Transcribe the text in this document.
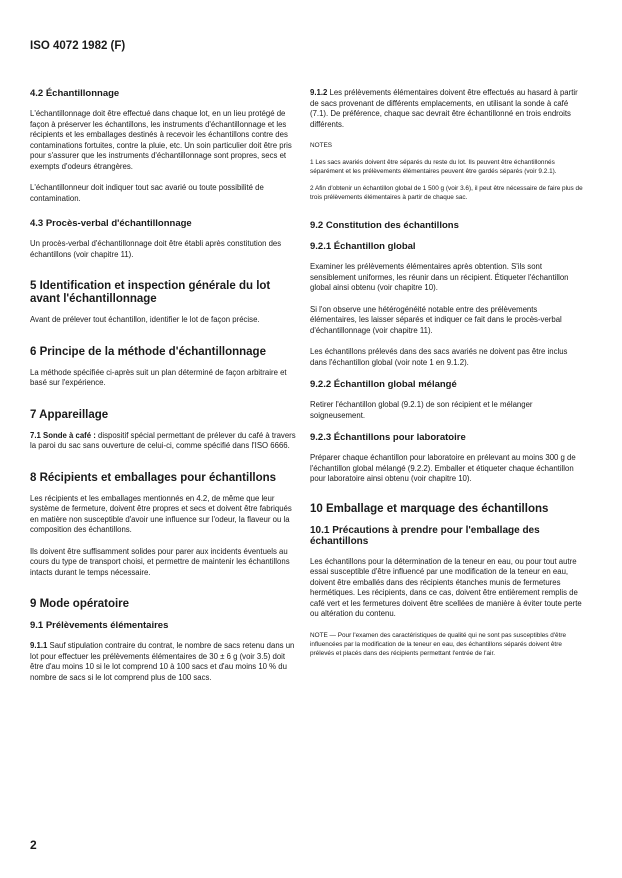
ISO 4072 1982 (F)
4.2 Échantillonnage

L'échantillonnage doit être effectué dans chaque lot, en un lieu protégé de façon à préserver les échantillons, les instruments d'échantillonnage et les récipients et les emballages destinés à recevoir les échantillons contre des contaminations fortuites, contre la pluie, etc. Un soin particulier doit être pris pour s'assurer que les instruments d'échantillonnage sont propres, secs et exempts d'odeurs étrangères.

L'échantillonneur doit indiquer tout sac avarié ou toute possibilité de contamination.

4.3 Procès-verbal d'échantillonnage

Un procès-verbal d'échantillonnage doit être établi après constitution des échantillons (voir chapitre 11).

5 Identification et inspection générale du lot avant l'échantillonnage

Avant de prélever tout échantillon, identifier le lot de façon précise.

6 Principe de la méthode d'échantillonnage

La méthode spécifiée ci-après suit un plan déterminé de façon arbitraire et basé sur l'expérience.

7 Appareillage

7.1 Sonde à café : dispositif spécial permettant de prélever du café à travers la paroi du sac sans ouverture de celui-ci, comme spécifié dans l'ISO 6666.

8 Récipients et emballages pour échantillons

Les récipients et les emballages mentionnés en 4.2, de même que leur système de fermeture, doivent être propres et secs et doivent être fabriqués en matière non susceptible d'avoir une influence sur l'odeur, la flaveur ou la composition des échantillons.

Ils doivent être suffisamment solides pour parer aux incidents éventuels au cours du type de transport choisi, et permettre de maintenir les échantillons intacts durant le temps nécessaire.

9 Mode opératoire
9.1 Prélèvements élémentaires

9.1.1 Sauf stipulation contraire du contrat, le nombre de sacs retenu dans un lot pour effectuer les prélèvements élémentaires de 30 ± 6 g (voir 3.5) doit être d'au moins 10 si le lot comprend 10 à 100 sacs et d'au moins 10 % du nombre de sacs si le lot comprend plus de 100 sacs.

9.1.2 Les prélèvements élémentaires doivent être effectués au hasard à partir de sacs provenant de différents emplacements, en utilisant la sonde à café (7.1). De préférence, chaque sac devrait être échantillonné en trois endroits différents.

NOTES

1 Les sacs avariés doivent être séparés du reste du lot. Ils peuvent être échantillonnés séparément et les prélèvements élémentaires peuvent être gardés séparés (voir 9.2.1).

2 Afin d'obtenir un échantillon global de 1 500 g (voir 3.6), il peut être nécessaire de faire plus de trois prélèvements élémentaires à partir de chaque sac.

9.2 Constitution des échantillons
9.2.1 Échantillon global

Examiner les prélèvements élémentaires après obtention. S'ils sont sensiblement uniformes, les réunir dans un récipient. Étiqueter l'échantillon global ainsi obtenu (voir chapitre 10).

Si l'on observe une hétérogénéité notable entre des prélèvements élémentaires, les laisser séparés et indiquer ce fait dans le procès-verbal d'échantillonnage (voir chapitre 11).

Les échantillons prélevés dans des sacs avariés ne doivent pas être inclus dans l'échantillon global (voir note 1 en 9.1.2).

9.2.2 Échantillon global mélangé

Retirer l'échantillon global (9.2.1) de son récipient et le mélanger soigneusement.

9.2.3 Échantillons pour laboratoire

Préparer chaque échantillon pour laboratoire en prélevant au moins 300 g de l'échantillon global mélangé (9.2.2). Emballer et étiqueter chaque échantillon pour laboratoire ainsi obtenu (voir chapitre 10).

10 Emballage et marquage des échantillons
10.1 Précautions à prendre pour l'emballage des échantillons

Les échantillons pour la détermination de la teneur en eau, ou pour tout autre essai susceptible d'être influencé par une modification de la teneur en eau, doivent être emballés dans des récipients étanches munis de fermetures hermétiques. Les récipients, dans ce cas, doivent être entièrement remplis de café vert et les fermetures doivent être scellées de manière à éviter toute perte ou altération du contenu.

NOTE — Pour l'examen des caractéristiques de qualité qui ne sont pas susceptibles d'être influencées par la modification de la teneur en eau, des échantillons séparés doivent être prélevés et placés dans des récipients permettant l'entrée de l'air.

2
